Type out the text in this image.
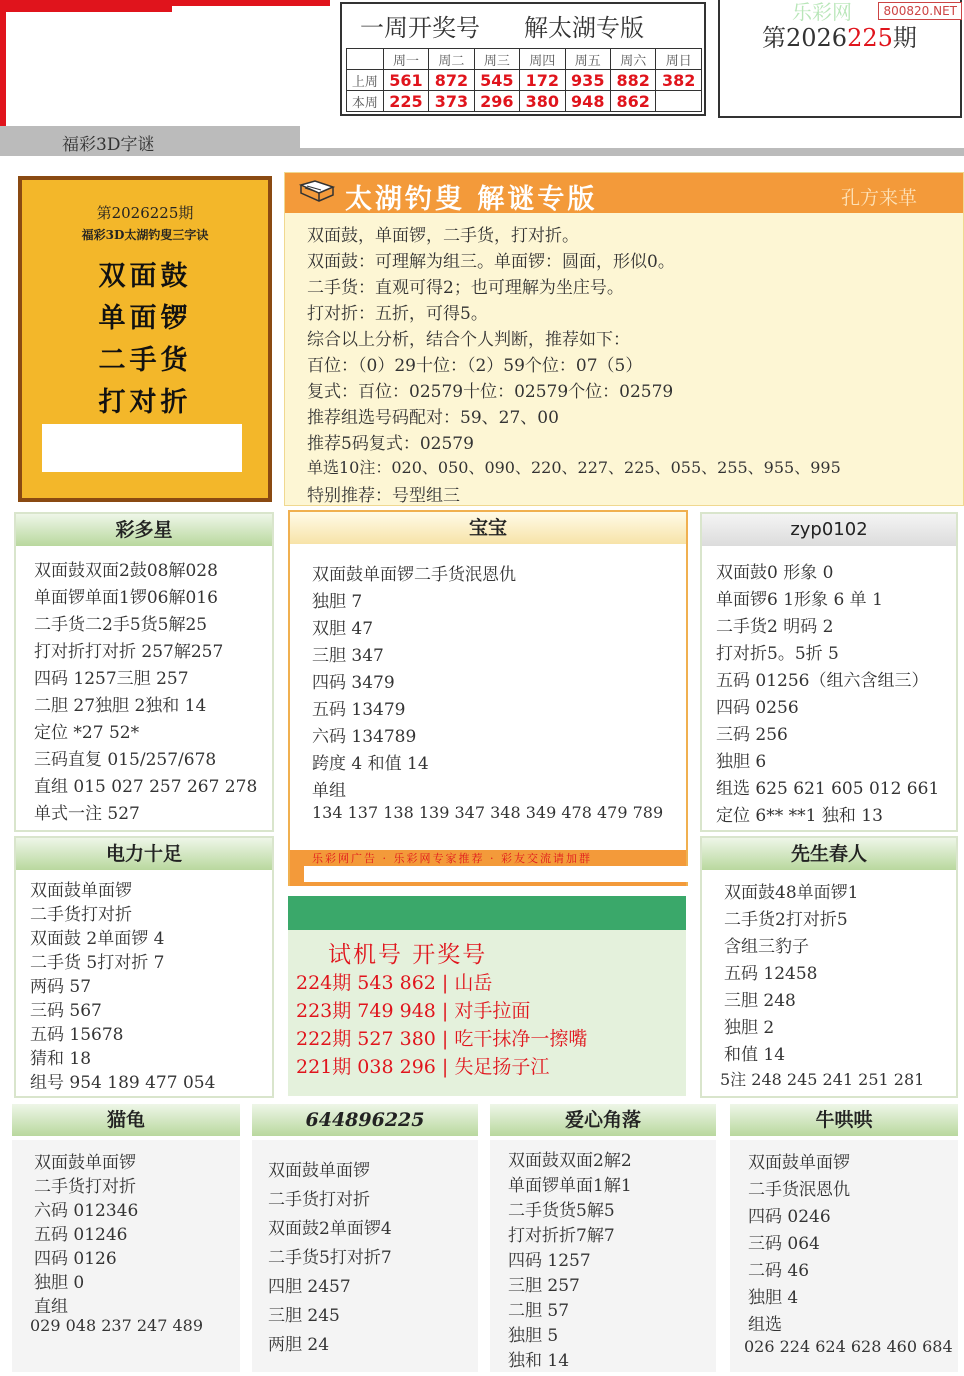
一周开奖号 解太湖专版
	周一	周二	周三	周四	周五	周六	周日
上周	561	872	545	172	935	882	382
本周	225	373	296	380	948	862	
第2026225期
乐彩网	800820.NET
福彩3D字谜
第2026225期
福彩3D太湖钓叟三字诀
双面鼓
单面锣
二手货
打对折
太湖钓叟 解谜专版	孔方来革
双面鼓，单面锣，二手货，打对折。
双面鼓：可理解为组三。单面锣：圆面，形似0。
二手货：直观可得2；也可理解为坐庄号。
打对折：五折，可得5。
综合以上分析，结合个人判断，推荐如下：
百位：（0）29十位：（2）59个位：07（5）
复式：百位：02579十位：02579个位：02579
推荐组选号码配对：59、27、00
推荐5码复式：02579
单选10注：020、050、090、220、227、225、055、255、955、995
特别推荐：号型组三
彩多星
双面鼓双面2鼓08解028
单面锣单面1锣06解016
二手货二2手5货5解25
打对折打对折 257解257
四码 1257三胆 257
二胆 27独胆 2独和 14
定位 *27 52*
三码直复 015/257/678
直组 015 027 257 267 278
单式一注 527
宝宝
双面鼓单面锣二手货泯恩仇
独胆 7
双胆 47
三胆 347
四码 3479
五码 13479
六码 134789
跨度 4 和值 14
单组
134 137 138 139 347 348 349 478 479 789
乐彩网广告 · 乐彩网专家推荐 · 彩友交流请加群
zyp0102
双面鼓0 形象 0
单面锣6 1形象 6 单 1
二手货2 明码 2
打对折5。5折 5
五码 01256（组六含组三）
四码 0256
三码 256
独胆 6
组选 625 621 605 012 661
定位 6** **1 独和 13
电力十足
双面鼓单面锣
二手货打对折
双面鼓 2单面锣 4
二手货 5打对折 7
两码 57
三码 567
五码 15678
猜和 18
组号 954 189 477 054
试机号 开奖号
224期 543 862 | 山岳
223期 749 948 | 对手拉面
222期 527 380 | 吃干抹净一擦嘴
221期 038 296 | 失足扬子江
先生春人
双面鼓48单面锣1
二手货2打对折5
含组三豹子
五码 12458
三胆 248
独胆 2
和值 14
5注 248 245 241 251 281
猫龟
双面鼓单面锣
二手货打对折
六码 012346
五码 01246
四码 0126
独胆 0
直组
029 048 237 247 489
644896225
双面鼓单面锣
二手货打对折
双面鼓2单面锣4
二手货5打对折7
四胆 2457
三胆 245
两胆 24
爱心角落
双面鼓双面2解2
单面锣单面1解1
二手货货5解5
打对折折7解7
四码 1257
三胆 257
二胆 57
独胆 5
独和 14
牛哄哄
双面鼓单面锣
二手货泯恩仇
四码 0246
三码 064
二码 46
独胆 4
组选
026 224 624 628 460 684
